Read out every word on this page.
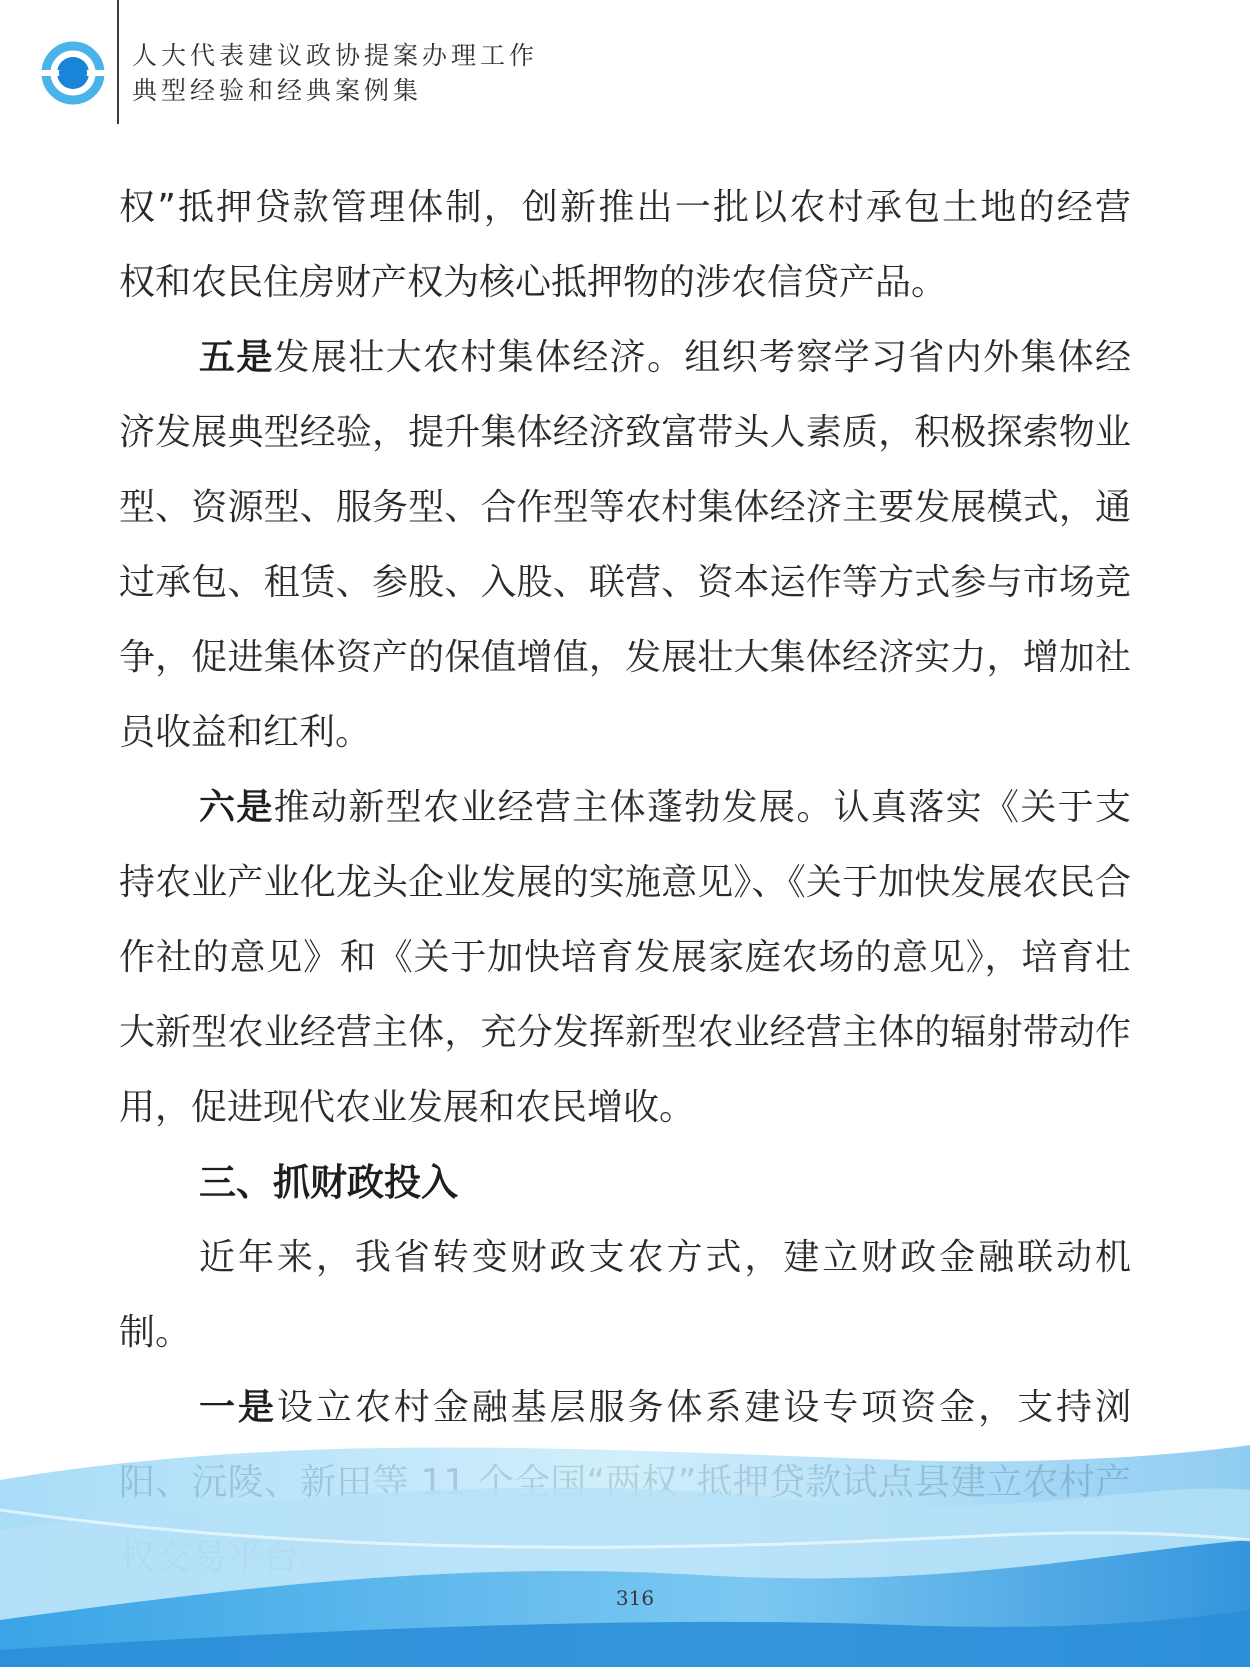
人大代表建议政协提案办理工作
典型经验和经典案例集

权”抵押贷款管理体制，创新推出一批以农村承包土地的经营

权和农民住房财产权为核心抵押物的涉农信贷产品。

五是发展壮大农村集体经济。组织考察学习省内外集体经济发展典型经验，提升集体经济致富带头人素质，积极探索物业型、资源型、服务型、合作型等农村集体经济主要发展模式，通过承包、租赁、参股、入股、联营、资本运作等方式参与市场竞争，促进集体资产的保值增值，发展壮大集体经济实力，增加社员收益和红利。

六是推动新型农业经营主体蓬勃发展。认真落实《关于支持农业产业化龙头企业发展的实施意见》、《关于加快发展农民合作社的意见》和《关于加快培育发展家庭农场的意见》，培育壮大新型农业经营主体，充分发挥新型农业经营主体的辐射带动作用，促进现代农业发展和农民增收。

三、抓财政投入

近年来，我省转变财政支农方式，建立财政金融联动机制。

一是设立农村金融基层服务体系建设专项资金，支持浏

316
